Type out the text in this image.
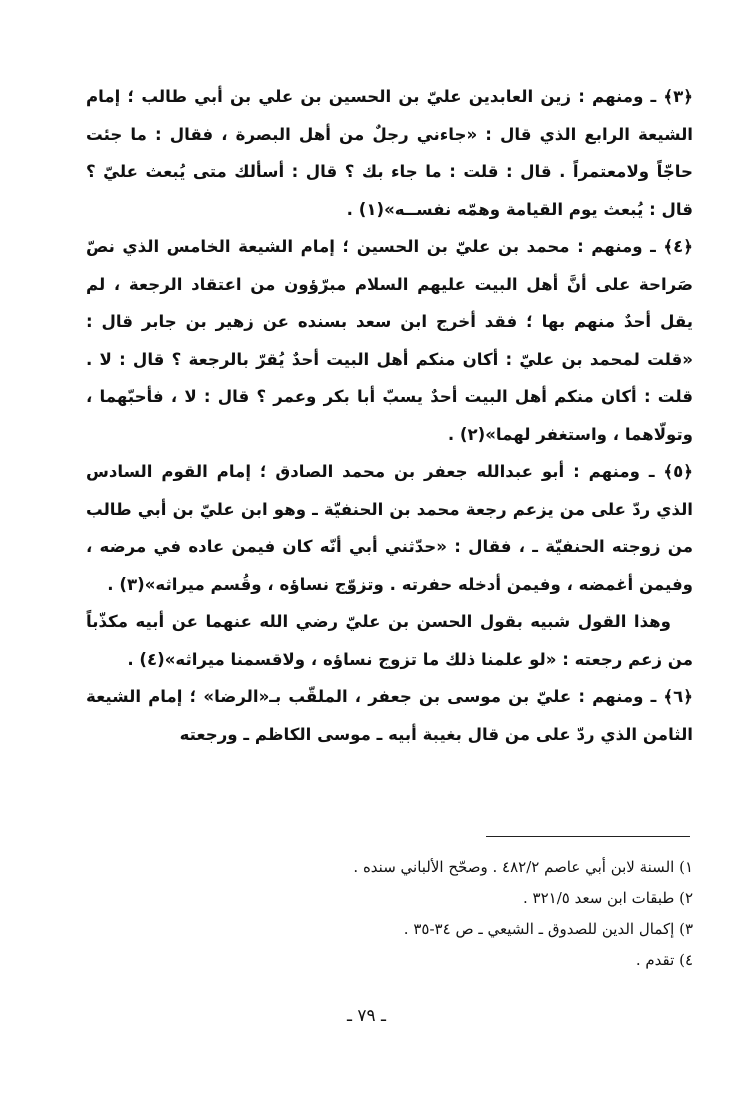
﴿٣﴾ ـ ومنهم : زين العابدين عليّ بن الحسين بن علي بن أبي طالب ؛ إمام الشيعة الرابع الذي قال : «جاءني رجلٌ من أهل البصرة ، فقال : ما جئت حاجّاً ولامعتمراً . قال : قلت : ما جاء بك ؟ قال : أسألك متى يُبعث عليّ ؟ قال : يُبعث يوم القيامة وهمّه نفســه»(١) .

﴿٤﴾ ـ ومنهم : محمد بن عليّ بن الحسين ؛ إمام الشيعة الخامس الذي نصّ صَراحة على أنَّ أهل البيت عليهم السلام مبرّؤون من اعتقاد الرجعة ، لم يقل أحدٌ منهم بها ؛ فقد أخرج ابن سعد بسنده عن زهير بن جابر قال : «قلت لمحمد بن عليّ : أكان منكم أهل البيت أحدٌ يُقرّ بالرجعة ؟ قال : لا . قلت : أكان منكم أهل البيت أحدٌ يسبّ أبا بكر وعمر ؟ قال : لا ، فأحبّهما ، وتولّاهما ، واستغفر لهما»(٢) .

﴿٥﴾ ـ ومنهم : أبو عبدالله جعفر بن محمد الصادق ؛ إمام القوم السادس الذي ردّ على من يزعم رجعة محمد بن الحنفيّة ـ وهو ابن عليّ بن أبي طالب من زوجته الحنفيّة ـ ، فقال : «حدّثني أبي أنّه كان فيمن عاده في مرضه ، وفيمن أغمضه ، وفيمن أدخله حفرته . وتزوّج نساؤه ، وقُسم ميراثه»(٣) .

وهذا القول شبيه بقول الحسن بن عليّ رضي الله عنهما عن أبيه مكذّباً من زعم رجعته : «لو علمنا ذلك ما تزوج نساؤه ، ولاقسمنا ميراثه»(٤) .

﴿٦﴾ ـ ومنهم : عليّ بن موسى بن جعفر ، الملقّب بـ«الرضا» ؛ إمام الشيعة الثامن الذي ردّ على من قال بغيبة أبيه ـ موسى الكاظم ـ ورجعته

١) السنة لابن أبي عاصم ٤٨٢/٢ . وصحّح الألباني سنده .
٢) طبقات ابن سعد ٣٢١/٥ .
٣) إكمال الدين للصدوق ـ الشيعي ـ ص ٣٤-٣٥ .
٤) تقدم .
ـ ٧٩ ـ
